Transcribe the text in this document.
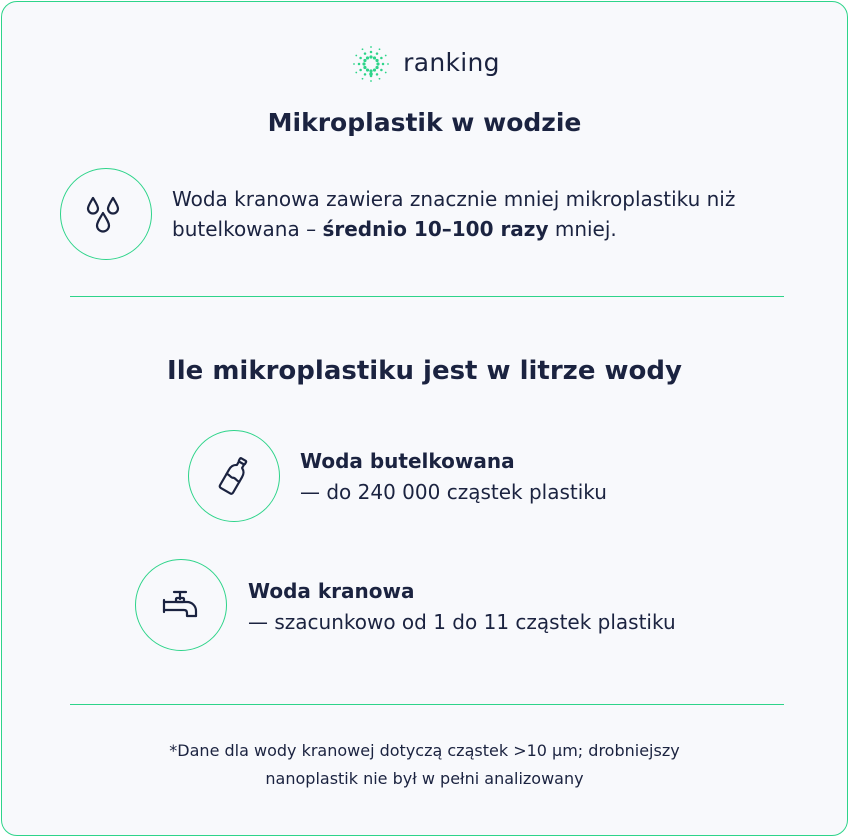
ranking
Mikroplastik w wodzie
Woda kranowa zawiera znacznie mniej mikroplastiku niż butelkowana – średnio 10–100 razy mniej.
Ile mikroplastiku jest w litrze wody
Woda butelkowana
— do 240 000 cząstek plastiku
Woda kranowa
— szacunkowo od 1 do 11 cząstek plastiku
*Dane dla wody kranowej dotyczą cząstek >10 µm; drobniejszy
nanoplastik nie był w pełni analizowany
